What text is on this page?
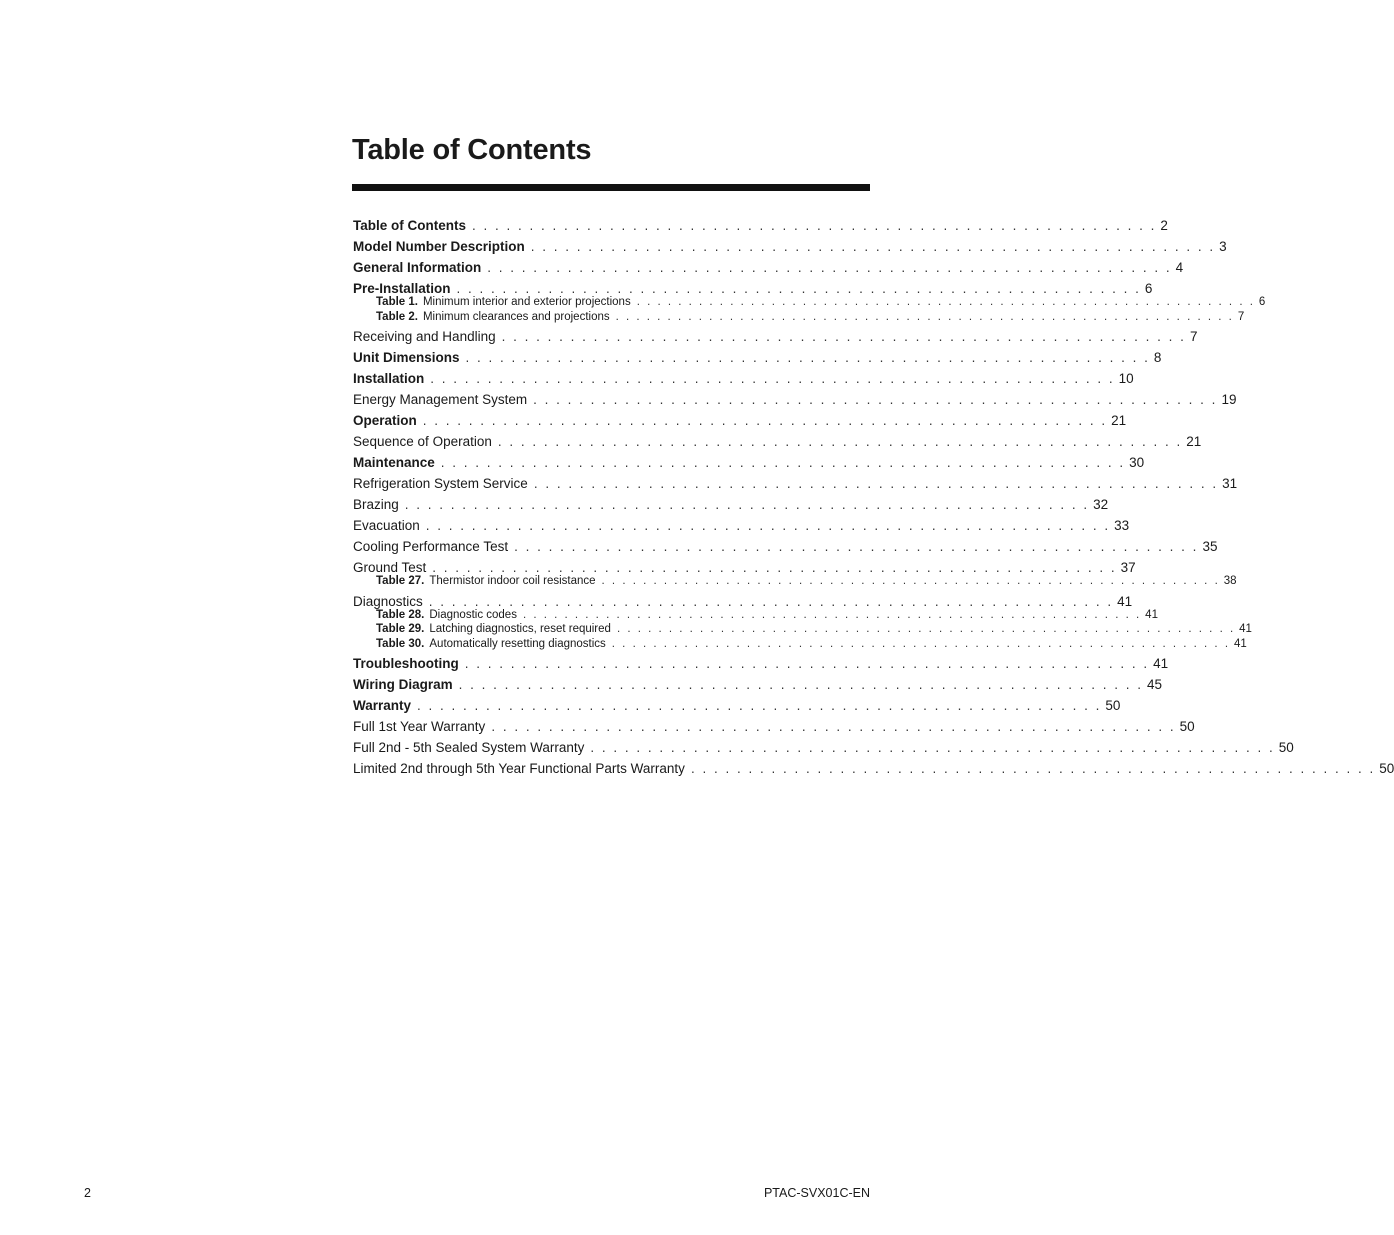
Table of Contents
Table of Contents . . . . . . . . . . . . . . . . . . . . . . . . . . . . . . . . . . . . . . . . . . . . . . . . . . . . . . . . . . . . 2
Model Number Description . . . . . . . . . . . . . . . . . . . . . . . . . . . . . . . . . . . . . . . . . . . . . . . . . . . . . . . . . . . . 3
General Information . . . . . . . . . . . . . . . . . . . . . . . . . . . . . . . . . . . . . . . . . . . . . . . . . . . . . . . . . . . . 4
Pre-Installation . . . . . . . . . . . . . . . . . . . . . . . . . . . . . . . . . . . . . . . . . . . . . . . . . . . . . . . . . . . . 6
Table 1. Minimum interior and exterior projections . . . . . . . . . . . . . . . . . . . . . . . . . . . . . . . . . . . . . . . . . . . . . . . . . . . . . . . . . . . . 6
Table 2. Minimum clearances and projections . . . . . . . . . . . . . . . . . . . . . . . . . . . . . . . . . . . . . . . . . . . . . . . . . . . . . . . . . . . . 7
Receiving and Handling . . . . . . . . . . . . . . . . . . . . . . . . . . . . . . . . . . . . . . . . . . . . . . . . . . . . . . . . . . . . 7
Unit Dimensions . . . . . . . . . . . . . . . . . . . . . . . . . . . . . . . . . . . . . . . . . . . . . . . . . . . . . . . . . . . . 8
Installation . . . . . . . . . . . . . . . . . . . . . . . . . . . . . . . . . . . . . . . . . . . . . . . . . . . . . . . . . . . . 10
Energy Management System . . . . . . . . . . . . . . . . . . . . . . . . . . . . . . . . . . . . . . . . . . . . . . . . . . . . . . . . . . . . 19
Operation . . . . . . . . . . . . . . . . . . . . . . . . . . . . . . . . . . . . . . . . . . . . . . . . . . . . . . . . . . . . 21
Sequence of Operation . . . . . . . . . . . . . . . . . . . . . . . . . . . . . . . . . . . . . . . . . . . . . . . . . . . . . . . . . . . . 21
Maintenance . . . . . . . . . . . . . . . . . . . . . . . . . . . . . . . . . . . . . . . . . . . . . . . . . . . . . . . . . . . . 30
Refrigeration System Service . . . . . . . . . . . . . . . . . . . . . . . . . . . . . . . . . . . . . . . . . . . . . . . . . . . . . . . . . . . . 31
Brazing . . . . . . . . . . . . . . . . . . . . . . . . . . . . . . . . . . . . . . . . . . . . . . . . . . . . . . . . . . . . 32
Evacuation . . . . . . . . . . . . . . . . . . . . . . . . . . . . . . . . . . . . . . . . . . . . . . . . . . . . . . . . . . . . 33
Cooling Performance Test . . . . . . . . . . . . . . . . . . . . . . . . . . . . . . . . . . . . . . . . . . . . . . . . . . . . . . . . . . . . 35
Ground Test . . . . . . . . . . . . . . . . . . . . . . . . . . . . . . . . . . . . . . . . . . . . . . . . . . . . . . . . . . . . 37
Table 27. Thermistor indoor coil resistance . . . . . . . . . . . . . . . . . . . . . . . . . . . . . . . . . . . . . . . . . . . . . . . . . . . . . . . . . . . . 38
Diagnostics . . . . . . . . . . . . . . . . . . . . . . . . . . . . . . . . . . . . . . . . . . . . . . . . . . . . . . . . . . . . 41
Table 28. Diagnostic codes . . . . . . . . . . . . . . . . . . . . . . . . . . . . . . . . . . . . . . . . . . . . . . . . . . . . . . . . . . . . 41
Table 29. Latching diagnostics, reset required . . . . . . . . . . . . . . . . . . . . . . . . . . . . . . . . . . . . . . . . . . . . . . . . . . . . . . . . . . . . 41
Table 30. Automatically resetting diagnostics . . . . . . . . . . . . . . . . . . . . . . . . . . . . . . . . . . . . . . . . . . . . . . . . . . . . . . . . . . . . 41
Troubleshooting . . . . . . . . . . . . . . . . . . . . . . . . . . . . . . . . . . . . . . . . . . . . . . . . . . . . . . . . . . . . 41
Wiring Diagram . . . . . . . . . . . . . . . . . . . . . . . . . . . . . . . . . . . . . . . . . . . . . . . . . . . . . . . . . . . . 45
Warranty . . . . . . . . . . . . . . . . . . . . . . . . . . . . . . . . . . . . . . . . . . . . . . . . . . . . . . . . . . . . 50
Full 1st Year Warranty . . . . . . . . . . . . . . . . . . . . . . . . . . . . . . . . . . . . . . . . . . . . . . . . . . . . . . . . . . . . 50
Full 2nd - 5th Sealed System Warranty . . . . . . . . . . . . . . . . . . . . . . . . . . . . . . . . . . . . . . . . . . . . . . . . . . . . . . . . . . . . 50
Limited 2nd through 5th Year Functional Parts Warranty . . . . . . . . . . . . . . . . . . . . . . . . . . . . . . . . . . . . . . . . . . . . . . . . . . . . . . . . . . . . 50
2	PTAC-SVX01C-EN
